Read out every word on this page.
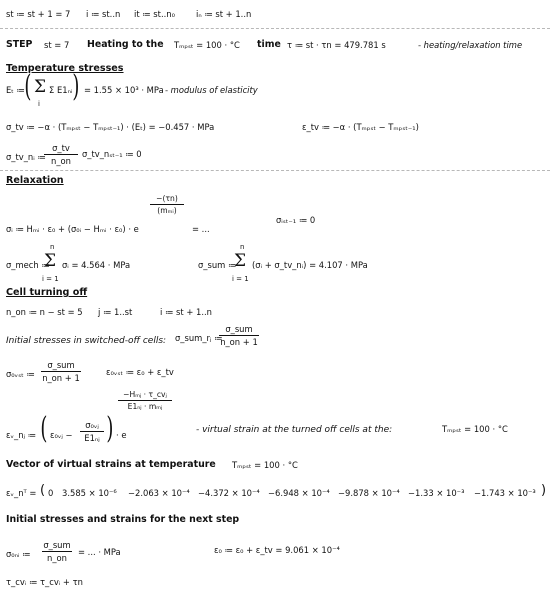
st ≔ st + 1 = 7 i ≔ st..n it ≔ st..n₀	iₙ ≔ st + 1..n
STEP st = 7 Heating to the Tₘₚₛₜ = 100 · °C time τ ≔ st · τn = 479.781 s	- heating/relaxation time
Temperature stresses
Eₜ ≔ ( Σ Σ E1ₙᵢ
i ) = 1.55 × 10³ · MPa - modulus of elasticity
σ_tv ≔ −α · (Tₘₚₛₜ − Tₘₚₛₜ₋₁) · (Eₜ) = −0.457 · MPa	ε_tv ≔ −α · (Tₘₚₛₜ − Tₘₚₛₜ₋₁)
σ_tv_nᵢ ≔
σ_tv
n_on
σ_tv_nₛₜ₋₁ ≔ 0
Relaxation
−(τn)
(mₘᵢ)
σᵢ ≔ Hₘᵢ · ε₀ + (σ₀ᵢ − Hₘᵢ · ε₀) · e	= ...
σᵢₛₜ₋₁ ≔ 0
σ_mech ≔
n
Σ σᵢ = 4.564 · MPa
i = 1
σ_sum ≔
n
Σ (σᵢ + σ_tv_nᵢ) = 4.107 · MPa
i = 1
Cell turning off
n_on ≔ n − st = 5 j ≔ 1..st	i ≔ st + 1..n
Initial stresses in switched-off cells: σ_sum_rⱼ ≔
σ_sum
n_on + 1
σ₀ᵥₛₜ ≔
σ_sum
n_on + 1
ε₀ᵥₛₜ ≔ ε₀ + ε_tv
−Hₘⱼ · τ_cvⱼ
E1ₙⱼ · mₘⱼ
εᵥ_nⱼ ≔ ( ε₀ᵥⱼ −
σ₀ᵥⱼ
E1ₙⱼ ) · e	- virtual strain at the turned off cells at the:	Tₘₚₛₜ = 100 · °C
Vector of virtual strains at temperature Tₘₚₛₜ = 100 · °C
εᵥ_nᵀ = ( 0 3.585 × 10⁻⁶ −2.063 × 10⁻⁴ −4.372 × 10⁻⁴ −6.948 × 10⁻⁴ −9.878 × 10⁻⁴ −1.33 × 10⁻³ −1.743 × 10⁻³ )
Initial stresses and strains for the next step
σ₀ₙᵢ ≔
σ_sum
n_on
= ... · MPa	ε₀ ≔ ε₀ + ε_tv = 9.061 × 10⁻⁴
τ_cvᵢ ≔ τ_cvᵢ + τn
